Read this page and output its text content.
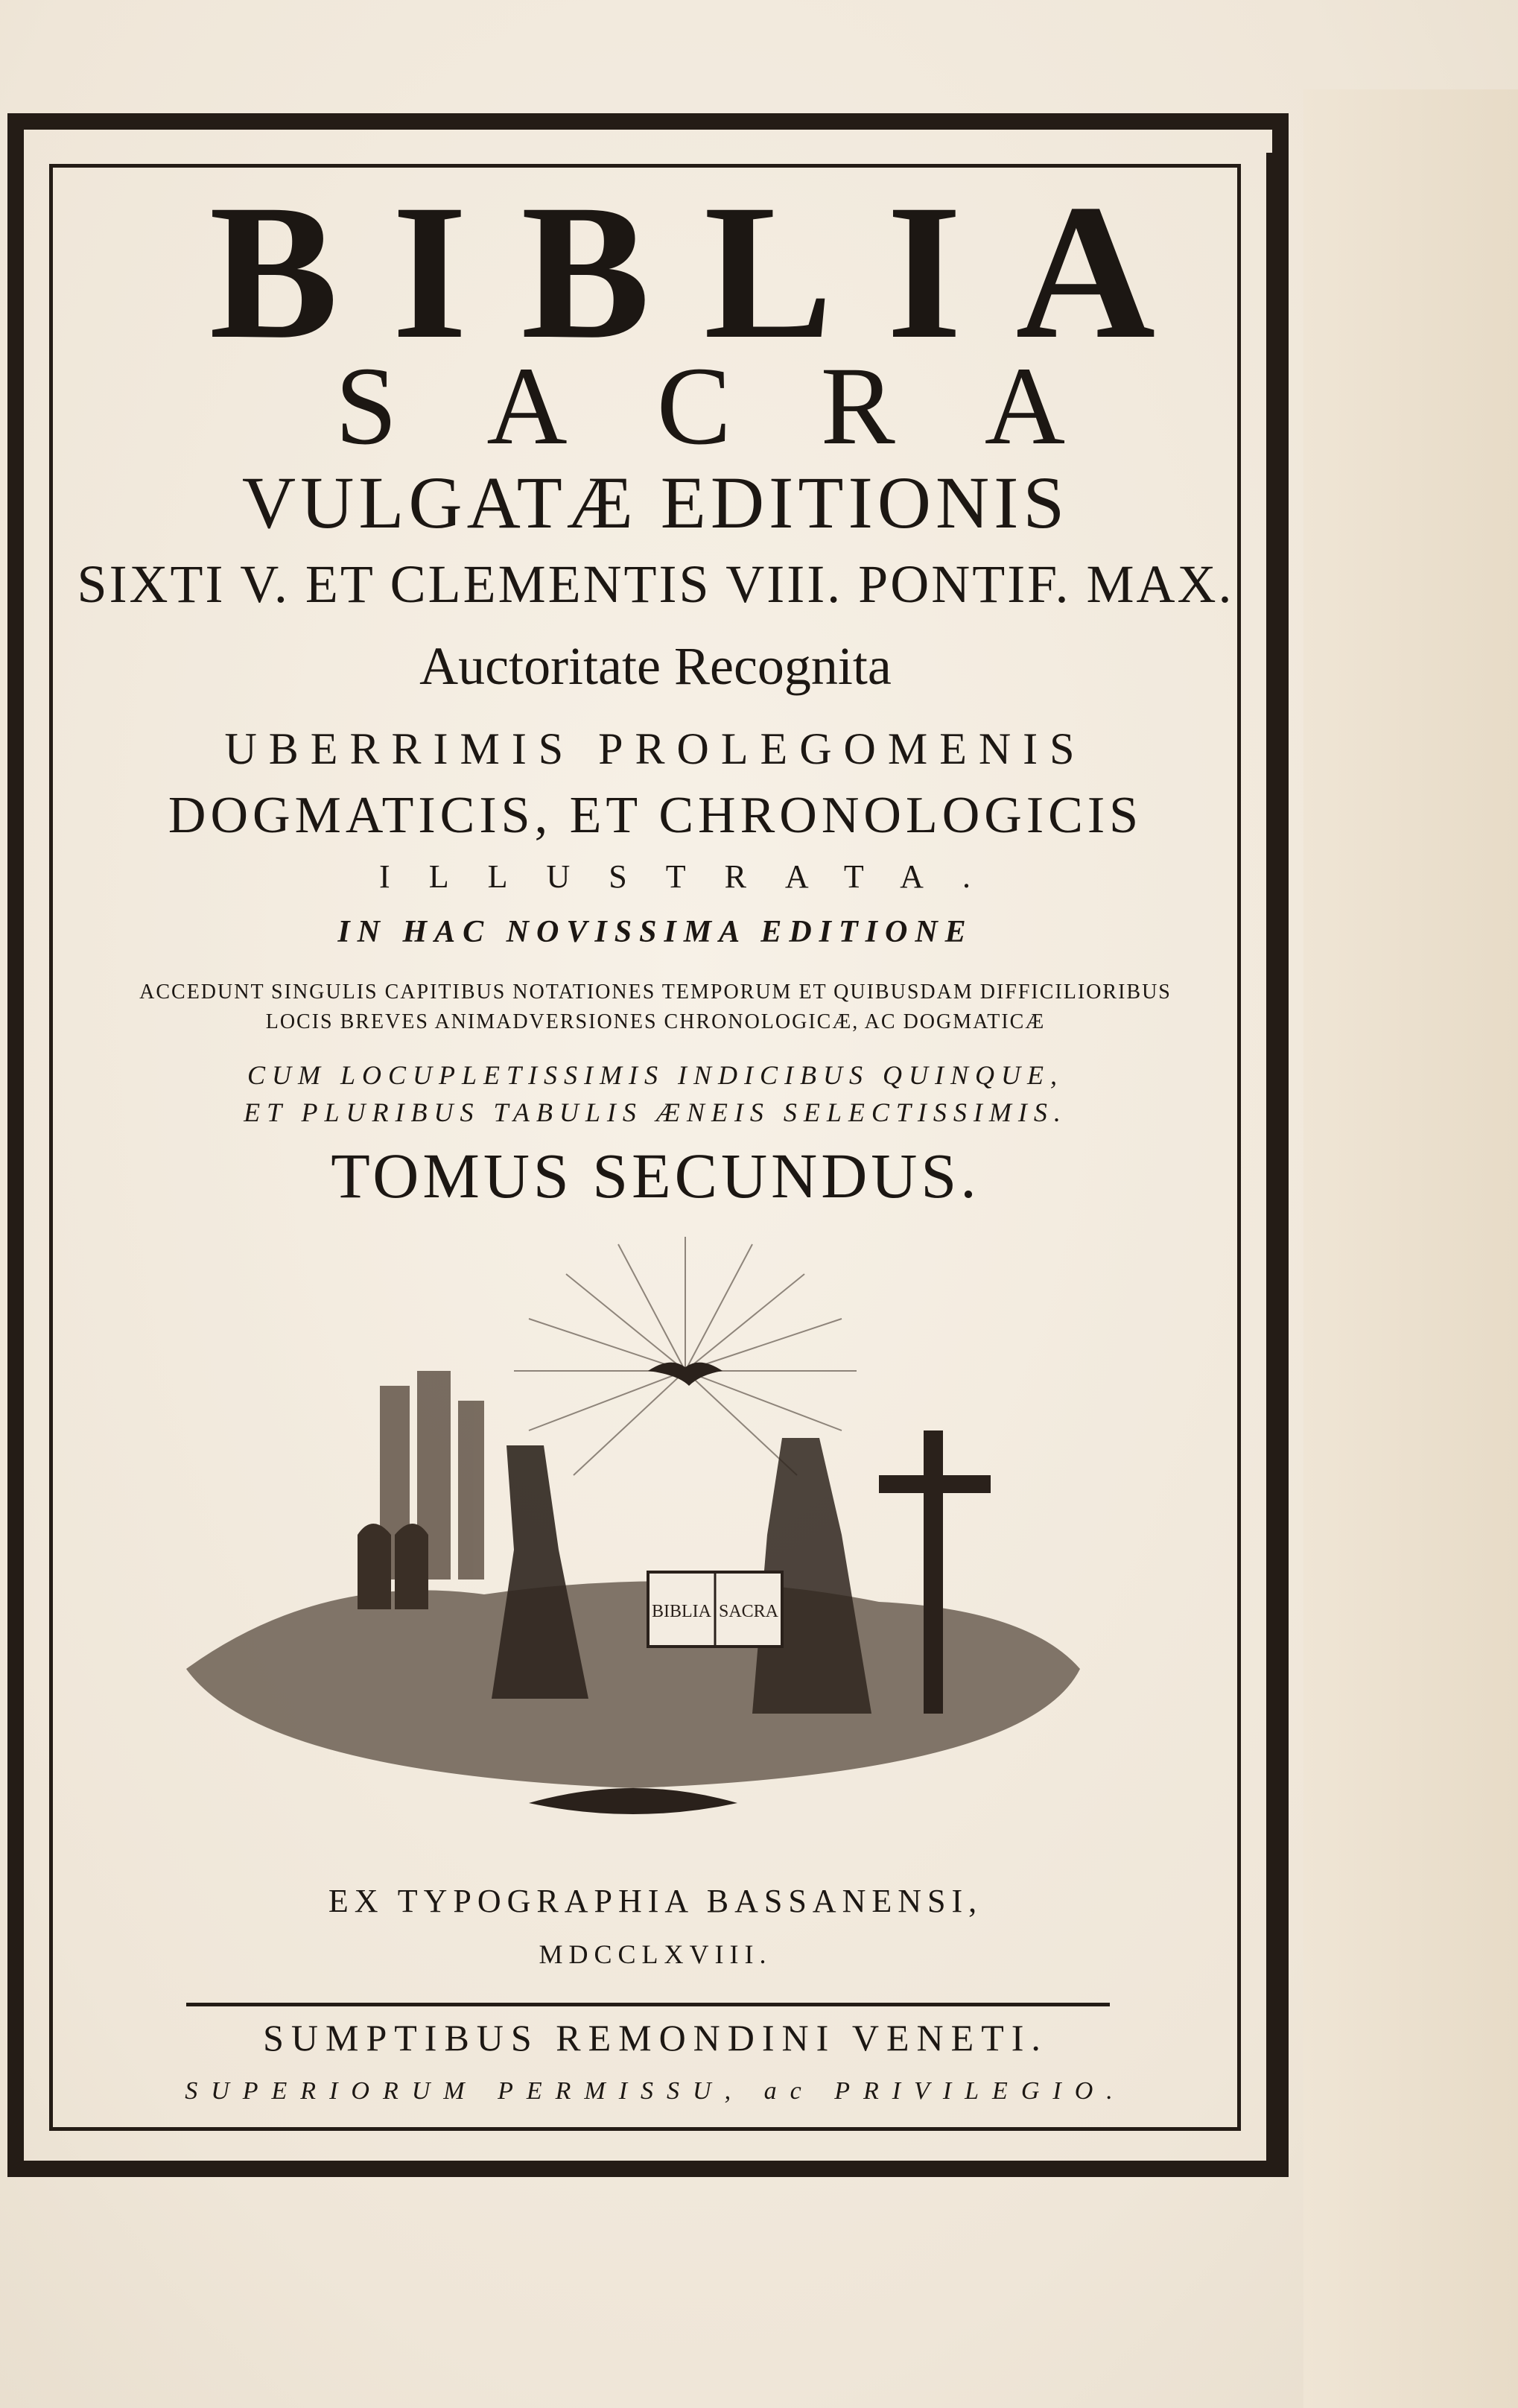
BIBLIA
SACRA
VULGATÆ EDITIONIS
SIXTI V. ET CLEMENTIS VIII. PONTIF. MAX.
Auctoritate Recognita
UBERRIMIS PROLEGOMENIS
DOGMATICIS, ET CHRONOLOGICIS
ILLUSTRATA.
IN HAC NOVISSIMA EDITIONE
ACCEDUNT SINGULIS CAPITIBUS NOTATIONES TEMPORUM ET QUIBUSDAM DIFFICILIORIBUS
LOCIS BREVES ANIMADVERSIONES CHRONOLOGICÆ, AC DOGMATICÆ
CUM LOCUPLETISSIMIS INDICIBUS QUINQUE,
ET PLURIBUS TABULIS ÆNEIS SELECTISSIMIS.
TOMUS SECUNDUS.
BIBLIA SACRA
EX TYPOGRAPHIA BASSANENSI,
MDCCLXVIII.
SUMPTIBUS REMONDINI VENETI.
SUPERIORUM PERMISSU, ac PRIVILEGIO.
